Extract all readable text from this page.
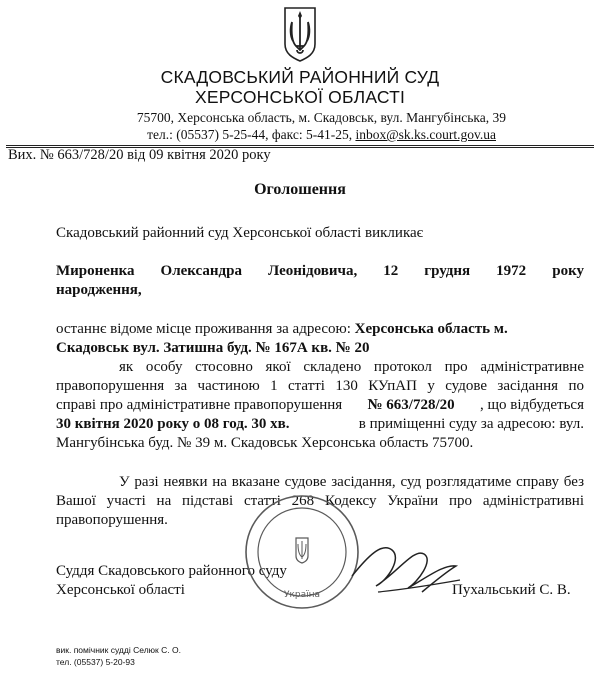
СКАДОВСЬКИЙ РАЙОННИЙ СУД
ХЕРСОНСЬКОЇ ОБЛАСТІ
75700, Херсонська область, м. Скадовськ, вул. Мангубінська, 39
тел.: (05537) 5-25-44, факс: 5-41-25, inbox@sk.ks.court.gov.ua
Вих. № 663/728/20 від 09 квітня 2020 року
Оголошення
Скадовський районний суд Херсонської області викликає
Мироненка Олександра Леонідовича, 12 грудня 1972 року
народження,
останнє відоме місце проживання за адресою: Херсонська область м.
Скадовськ вул. Затишна буд. № 167А кв. № 20
як особу стосовно якої складено протокол про адміністративне
правопорушення за частиною 1 статті 130 КУпАП у судове засідання по
справі про адміністративне правопорушення № 663/728/20 , що відбудеться
30 квітня 2020 року о 08 год. 30 хв.	в приміщенні суду за адресою: вул.
Мангубінська буд. № 39 м. Скадовськ Херсонська область 75700.
У разі неявки на вказане судове засідання, суд розглядатиме справу без
Вашої участі на підставі статті 268 Кодексу України про адміністративні
правопорушення.
Суддя Скадовського районного суду
Херсонської області	Пухальський С. В.
Україна
вик. помічник судді Селюк С. О.
тел. (05537) 5-20-93
